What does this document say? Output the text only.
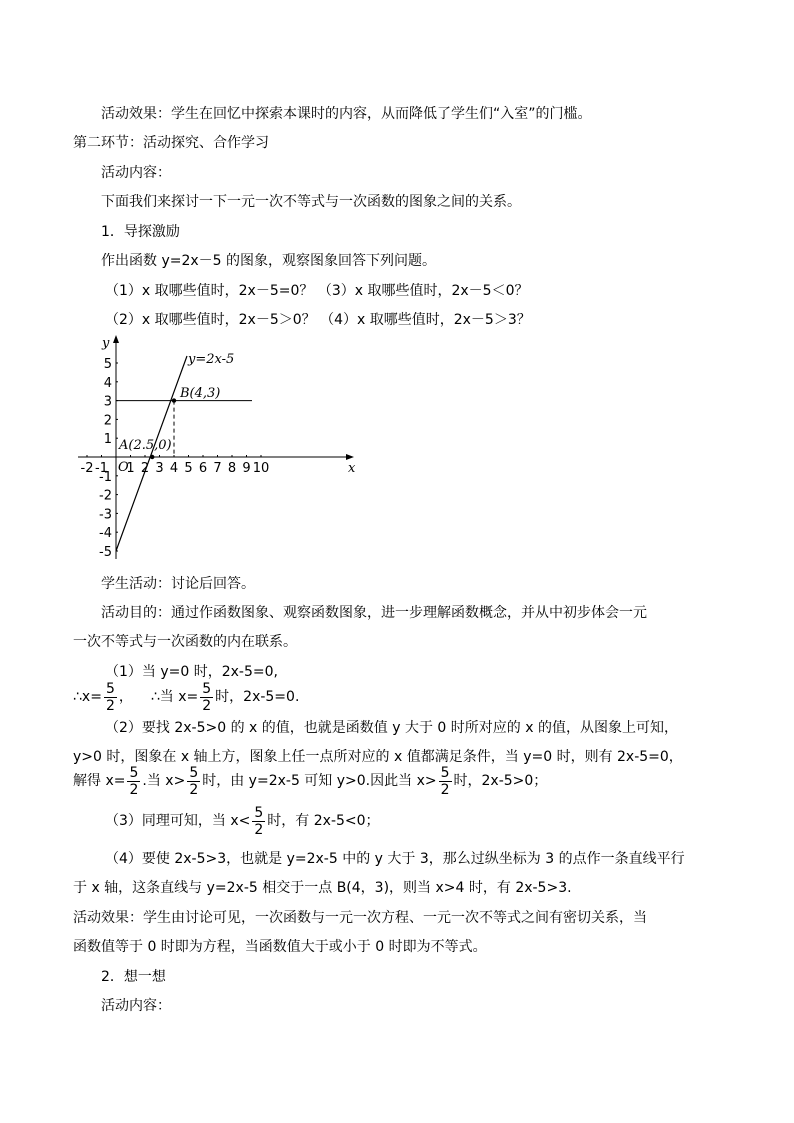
活动效果：学生在回忆中探索本课时的内容，从而降低了学生们“入室”的门槛。
第二环节：活动探究、合作学习
活动内容：
下面我们来探讨一下一元一次不等式与一次函数的图象之间的关系。
1．导探激励
作出函数 y=2x－5 的图象，观察图象回答下列问题。
（1）x 取哪些值时，2x－5=0？ （3）x 取哪些值时，2x－5＜0？
（2）x 取哪些值时，2x－5＞0？ （4）x 取哪些值时，2x－5＞3？
x
y
O
-2 -1 1 2 3 4 5 6 7 8 9 10
5
4
3
2
1
-1
-2
-3
-4
-5
y=2x-5
B(4,3)
A(2.5,0)
学生活动：讨论后回答。
活动目的：通过作函数图象、观察函数图象，进一步理解函数概念，并从中初步体会一元
一次不等式与一次函数的内在联系。
（1）当 y=0 时，2x-5=0,
∴x= $\frac{5}{2}$ ， ∴当 $x= \frac{5}{2}$ 时，2x-5=0.
（2）要找 2x-5>0 的 x 的值，也就是函数值 y 大于 0 时所对应的 x 的值，从图象上可知，
y>0 时，图象在 x 轴上方，图象上任一点所对应的 x 值都满足条件，当 y=0 时，则有 2x-5=0，
解得 $x= \frac{5}{2}$ .当 $x> \frac{5}{2}$ 时，由 y=2x-5 可知 y>0.因此当 $x> \frac{5}{2}$ 时，2x-5>0；
（3）同理可知，当 $x< \frac{5}{2}$ 时，有 2x-5<0；
（4）要使 2x-5>3，也就是 y=2x-5 中的 y 大于 3，那么过纵坐标为 3 的点作一条直线平行
于 x 轴，这条直线与 y=2x-5 相交于一点 B(4，3)，则当 x>4 时，有 2x-5>3.
活动效果：学生由讨论可见，一次函数与一元一次方程、一元一次不等式之间有密切关系，当
函数值等于 0 时即为方程，当函数值大于或小于 0 时即为不等式。
2．想一想
活动内容：
